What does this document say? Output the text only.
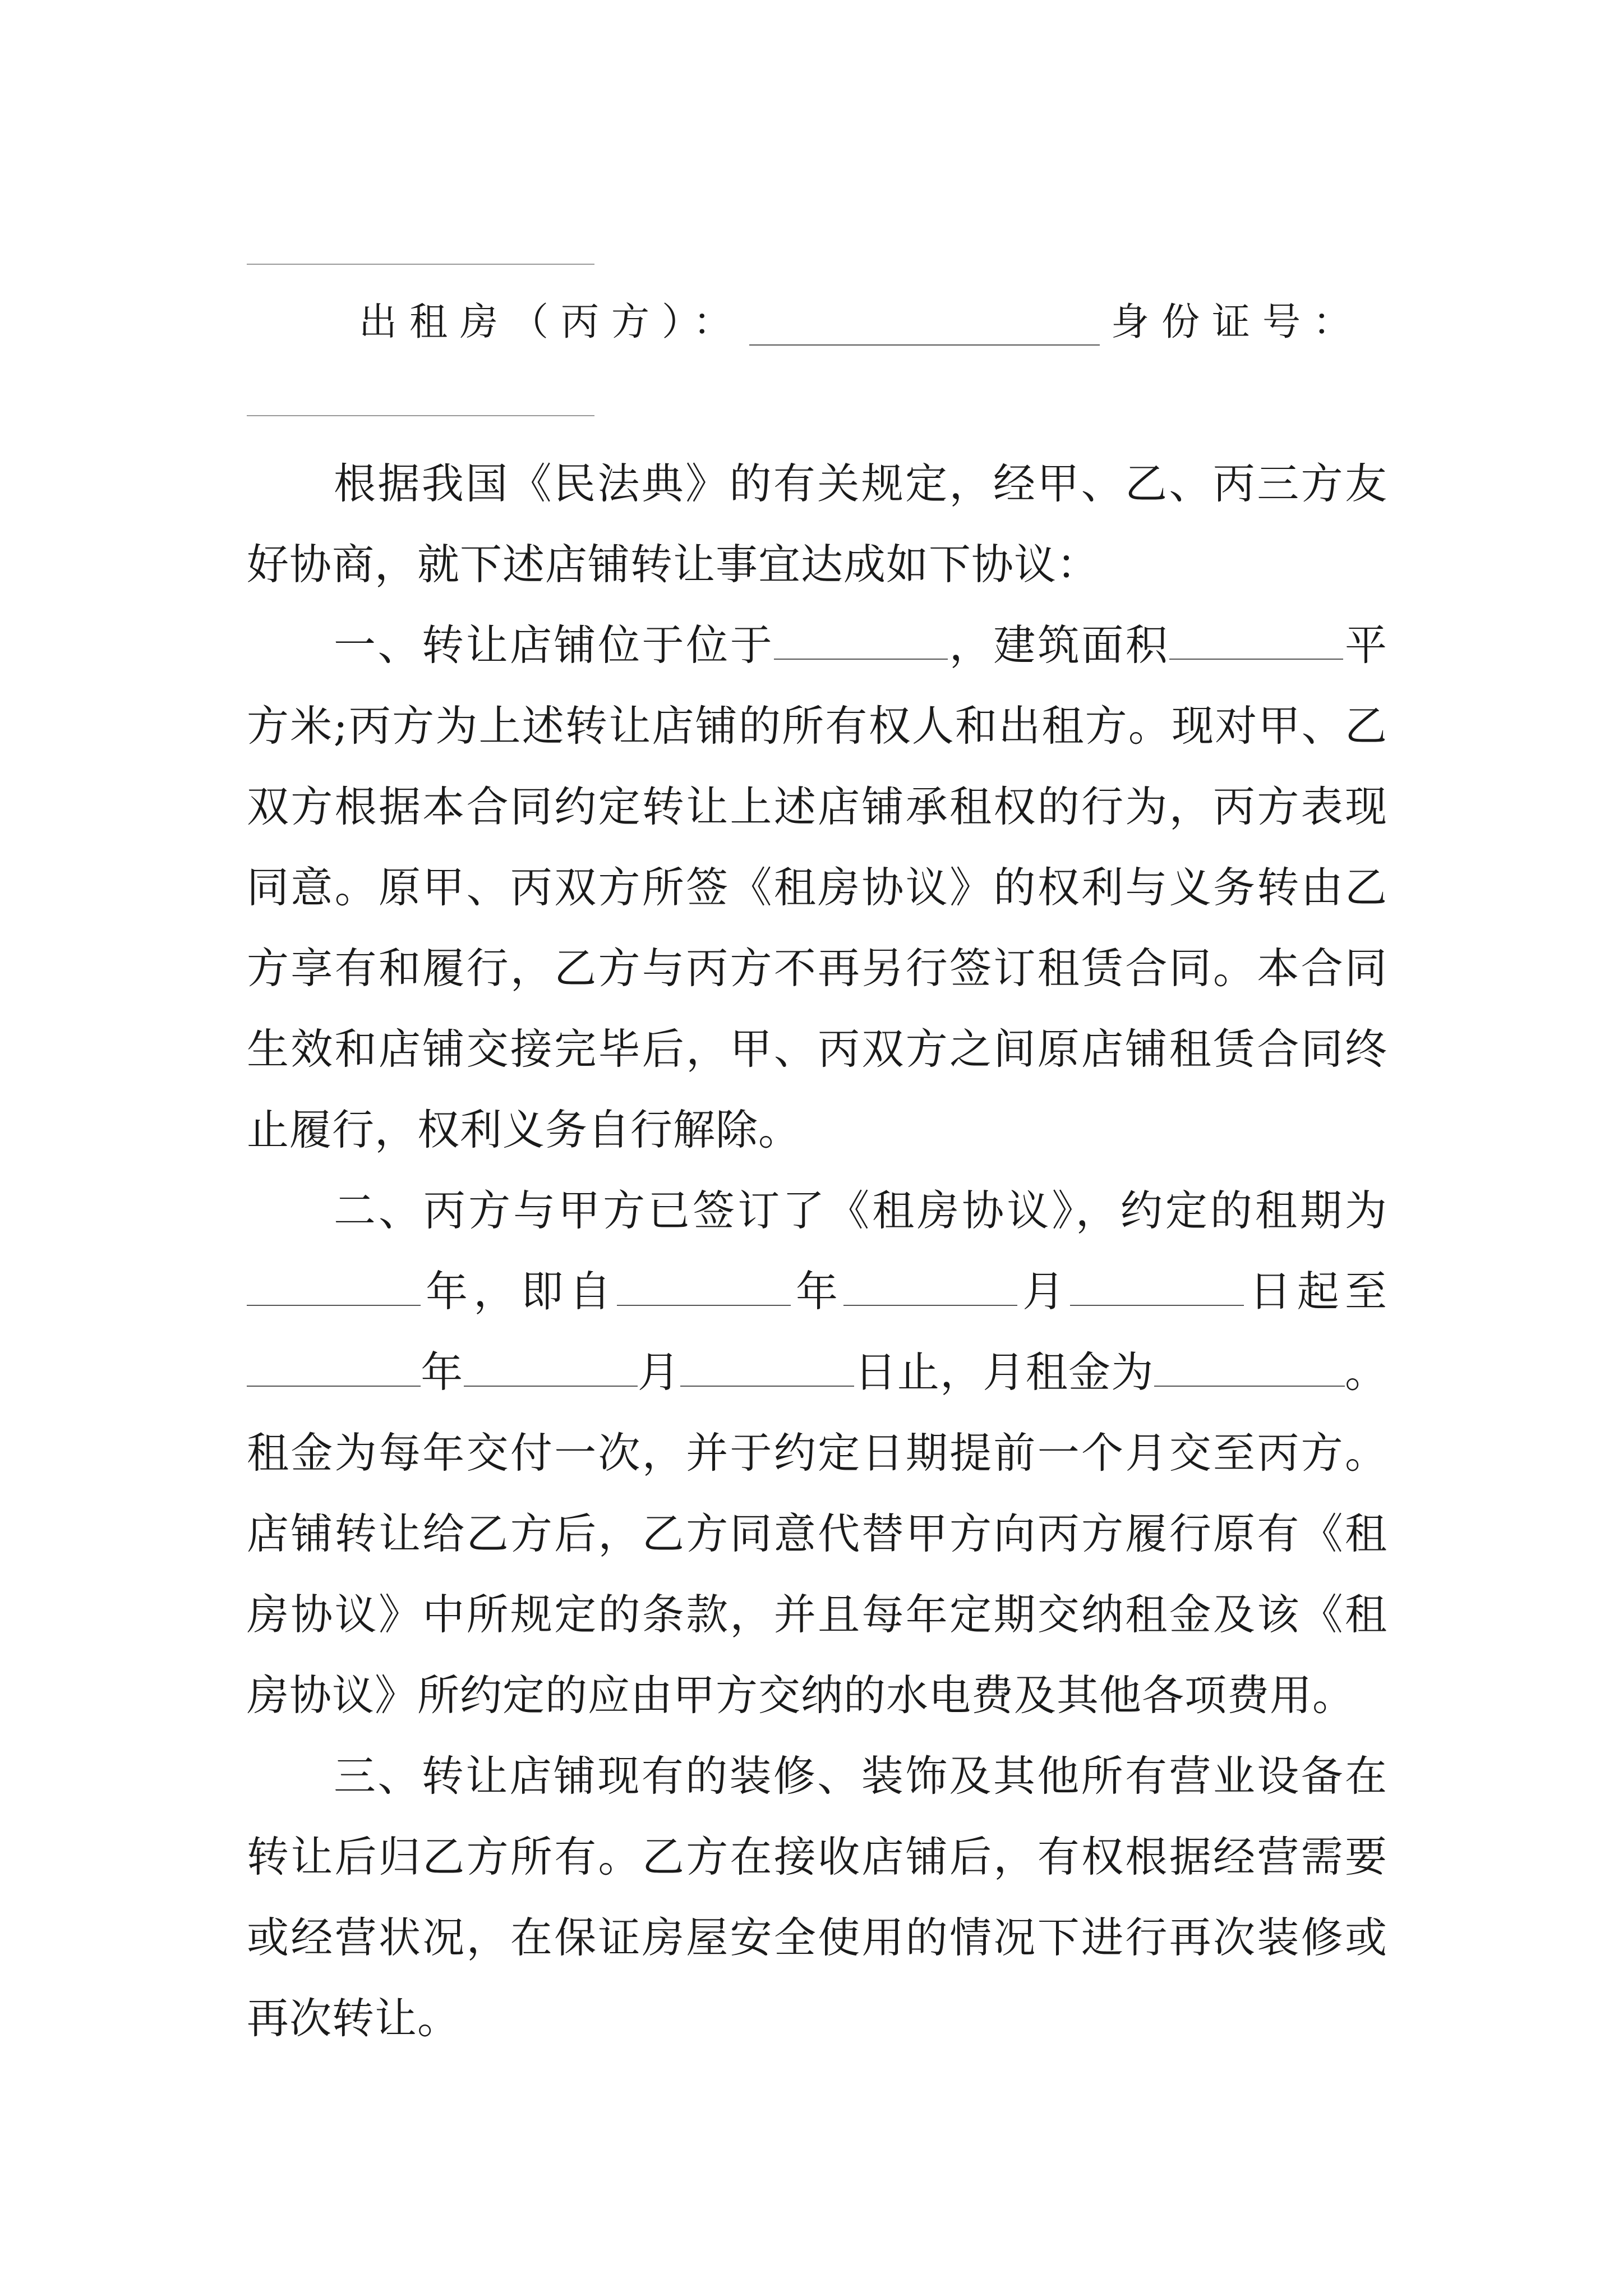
出租房（丙方）：	身份证号：

根据我国《民法典》的有关规定，经甲、乙、丙三方友好协商，就下述店铺转让事宜达成如下协议：

一、转让店铺位于位于	，建筑面积	平方米;丙方为上述转让店铺的所有权人和出租方。现对甲、乙双方根据本合同约定转让上述店铺承租权的行为，丙方表现同意。原甲、丙双方所签《租房协议》的权利与义务转由乙方享有和履行，乙方与丙方不再另行签订租赁合同。本合同生效和店铺交接完毕后，甲、丙双方之间原店铺租赁合同终止履行，权利义务自行解除。

二、丙方与甲方已签订了《租房协议》，约定的租期为年，即自	年	月	日起至年	月	日止，月租金为	。租金为每年交付一次，并于约定日期提前一个月交至丙方。店铺转让给乙方后，乙方同意代替甲方向丙方履行原有《租房协议》中所规定的条款，并且每年定期交纳租金及该《租房协议》所约定的应由甲方交纳的水电费及其他各项费用。

三、转让店铺现有的装修、装饰及其他所有营业设备在转让后归乙方所有。乙方在接收店铺后，有权根据经营需要或经营状况，在保证房屋安全使用的情况下进行再次装修或再次转让。
